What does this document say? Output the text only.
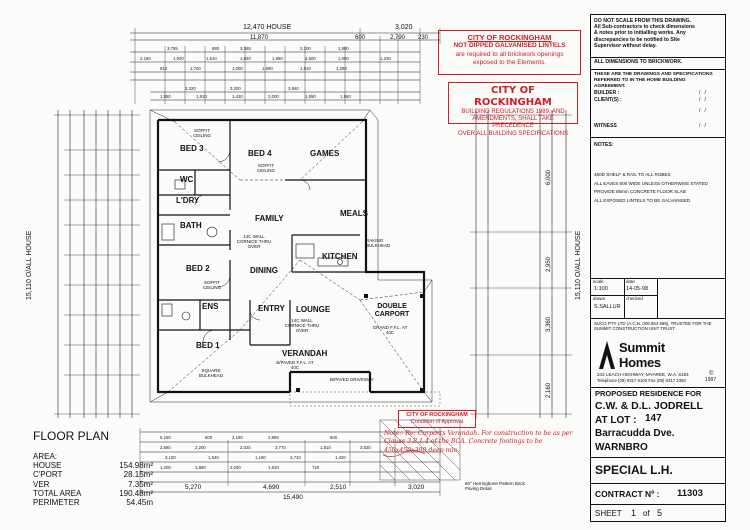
3,755	880	3,365	2,100	1,800
2,180	1,500	1,510	1,840	1,850	2,500	1,000	1,230
810	1,700	1,000	1,690	1,810	1,290
3,320	3,200	3,660
1,550	1,810	1,430	2,000	1,550	1,550
5,150	600	2,150	2,895	600
2,560	2,200	2,020	3,770	1,810	3,530
3,100	1,540	1,190	3,710	1,420
1,200	1,860	2,030	1,810	720
12,470 HOUSE	3,020
11,870	600	2,790 230
15,110 O/ALL HOUSE	15,110 O/ALL HOUSE
6,000
2,950
3,360
2,160
5,270	4,690	2,510	3,020
15,490
BED 3
BED 4	GAMES
WC
L'DRY
FAMILY
MEALS
BATH
KITCHEN
BED 2	DINING
ENS	ENTRY LOUNGE	DOUBLE CARPORT
BED 1
VERANDAH
SOFFIT CEILING
SOFFIT CEILING
14C WALL CORNICE THRU OVER
RAKING BULKHEAD
SOFFIT CEILING
14C WALL CORNICE THRU OVER
SQUARE BULKHEAD
GRAND F.F.L. AT 40C
B/PAVED F.F.L. AT 40C
B/PAVED DRIVEWAY
60° Herringbone Pattern Brick Paving Detail
CITY OF ROCKINGHAM
NOT DIPPED GALVANISED LINTELS
are required to all brickwork openings
exposed to the Elements.
CITY OF ROCKINGHAM
BUILDING REGULATIONS 1989, AND
AMENDMENTS, SHALL TAKE PRECEDENCE
OVER ALL BUILDING SPECIFICATIONS
CITY OF ROCKINGHAM
Condition of Approval
Note:- Re: Carports Verandah. For construction to be as per Clause 3.8.1.4 of the BCA. Concrete footings to be 450x450x300 deep min.
FLOOR PLAN
AREA:
HOUSE	154.98m²
C'PORT	28.15m²
VER	7.35m²
TOTAL AREA	190.48m²
PERIMETER	54.45m
DO NOT SCALE FROM THIS DRAWING.
All Sub-contractors to check dimensions
& notes prior to initialling works. Any
discrepancies to be notified to Site
Supervisor without delay.
ALL DIMENSIONS TO BRICKWORK.
THESE ARE THE DRAWINGS AND SPECIFICATIONS
REFERRED TO IN THE HOME BUILDING
AGREEMENT.
BUILDER :	/   /
CLIENT(S) :	/   /
/   /
WITNESS	/   /
NOTES:
450D SHELF & RAIL TO ALL ROBES
ALL EAVES 600 WIDE UNLESS OTHERWISE STATED
PROVIDE 85mm CONCRETE FLOOR SLAB
ALL EXPOSED LINTELS TO BE GALVANISED
scale
1:100
date
14-05-98
drawn
S.SALLUR
checked
SUCO PTY LTD (A.C.N. 006 854 695), TRUSTEE FOR THE SUMMIT CONSTRUCTION UNIT TRUST.
Summit
Homes
242 LEACH HIGHWAY, MYAREE, W.A. 6154
Telephone (09) 9317 6100 Fax (09) 9317 2392
©
1997
PROPOSED RESIDENCE FOR
C.W. & D.L. JODRELL
AT LOT : 147
Barracudda Dve.
WARNBRO
SPECIAL L.H.
CONTRACT Nº : 11303
SHEET 1 of 5
